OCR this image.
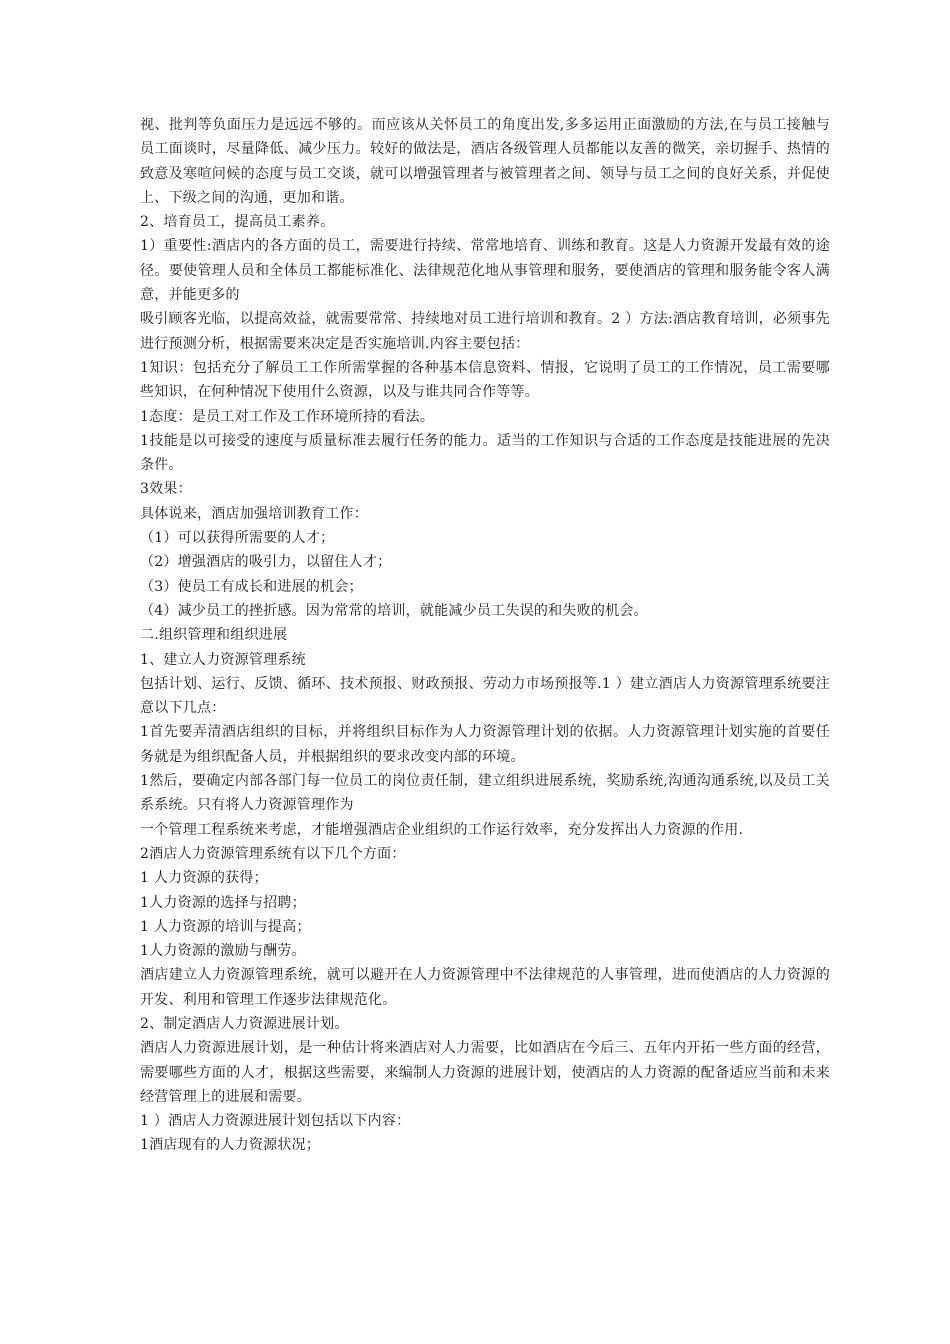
视、批判等负面压力是远远不够的。而应该从关怀员工的角度出发,多多运用正面激励的方法,在与员工接触与员工面谈时，尽量降低、减少压力。较好的做法是，酒店各级管理人员都能以友善的微笑，亲切握手、热情的致意及寒喧问候的态度与员工交谈，就可以增强管理者与被管理者之间、领导与员工之间的良好关系，并促使上、下级之间的沟通，更加和谐。

2、培育员工，提高员工素养。

1）重要性:酒店内的各方面的员工，需要进行持续、常常地培育、训练和教育。这是人力资源开发最有效的途径。要使管理人员和全体员工都能标准化、法律规范化地从事管理和服务，要使酒店的管理和服务能令客人满意，并能更多的

吸引顾客光临，以提高效益，就需要常常、持续地对员工进行培训和教育。2 ）方法:酒店教育培训，必须事先进行预测分析，根据需要来决定是否实施培训.内容主要包括：

1知识：包括充分了解员工工作所需掌握的各种基本信息资料、情报，它说明了员工的工作情况，员工需要哪些知识，在何种情况下使用什么资源，以及与谁共同合作等等。

1态度：是员工对工作及工作环境所持的看法。

1技能是以可接受的速度与质量标准去履行任务的能力。适当的工作知识与合适的工作态度是技能进展的先决条件。

3效果：

具体说来，酒店加强培训教育工作：

（1）可以获得所需要的人才；

（2）增强酒店的吸引力，以留住人才；

（3）使员工有成长和进展的机会；

（4）减少员工的挫折感。因为常常的培训，就能减少员工失误的和失败的机会。

二.组织管理和组织进展

1、建立人力资源管理系统

包括计划、运行、反馈、循环、技术预报、财政预报、劳动力市场预报等.1 ）建立酒店人力资源管理系统要注意以下几点：

1首先要弄清酒店组织的目标，并将组织目标作为人力资源管理计划的依据。人力资源管理计划实施的首要任务就是为组织配备人员，并根据组织的要求改变内部的环境。

1然后，要确定内部各部门每一位员工的岗位责任制，建立组织进展系统，奖励系统,沟通沟通系统,以及员工关系系统。只有将人力资源管理作为

一个管理工程系统来考虑，才能增强酒店企业组织的工作运行效率，充分发挥出人力资源的作用.

2酒店人力资源管理系统有以下几个方面：

1 人力资源的获得；

1人力资源的选择与招聘；

1 人力资源的培训与提高；

1人力资源的激励与酬劳。

酒店建立人力资源管理系统，就可以避开在人力资源管理中不法律规范的人事管理，进而使酒店的人力资源的开发、利用和管理工作逐步法律规范化。

2、制定酒店人力资源进展计划。

酒店人力资源进展计划，是一种估计将来酒店对人力需要，比如酒店在今后三、五年内开拓一些方面的经营，需要哪些方面的人才，根据这些需要，来编制人力资源的进展计划，使酒店的人力资源的配备适应当前和未来经营管理上的进展和需要。

1 ）酒店人力资源进展计划包括以下内容：

1酒店现有的人力资源状况；
